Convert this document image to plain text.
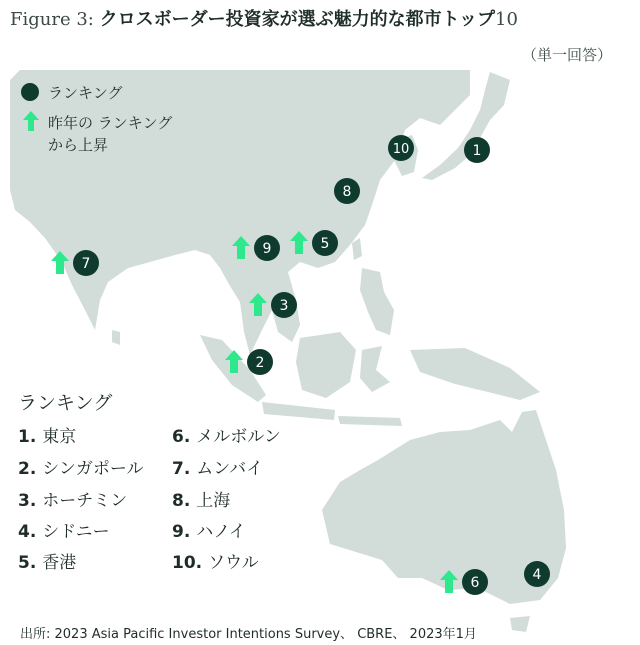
1
2
3
4
5
6
7
8
9
10
Figure 3: クロスボーダー投資家が選ぶ魅力的な都市トップ10
（単一回答）
ランキング
昨年の ランキング
から上昇
ランキング
1. 東京
2. シンガポール
3. ホーチミン
4. シドニー
5. 香港
6. メルボルン
7. ムンバイ
8. 上海
9. ハノイ
10. ソウル
出所: 2023 Asia Pacific Investor Intentions Survey、 CBRE、 2023年1月
